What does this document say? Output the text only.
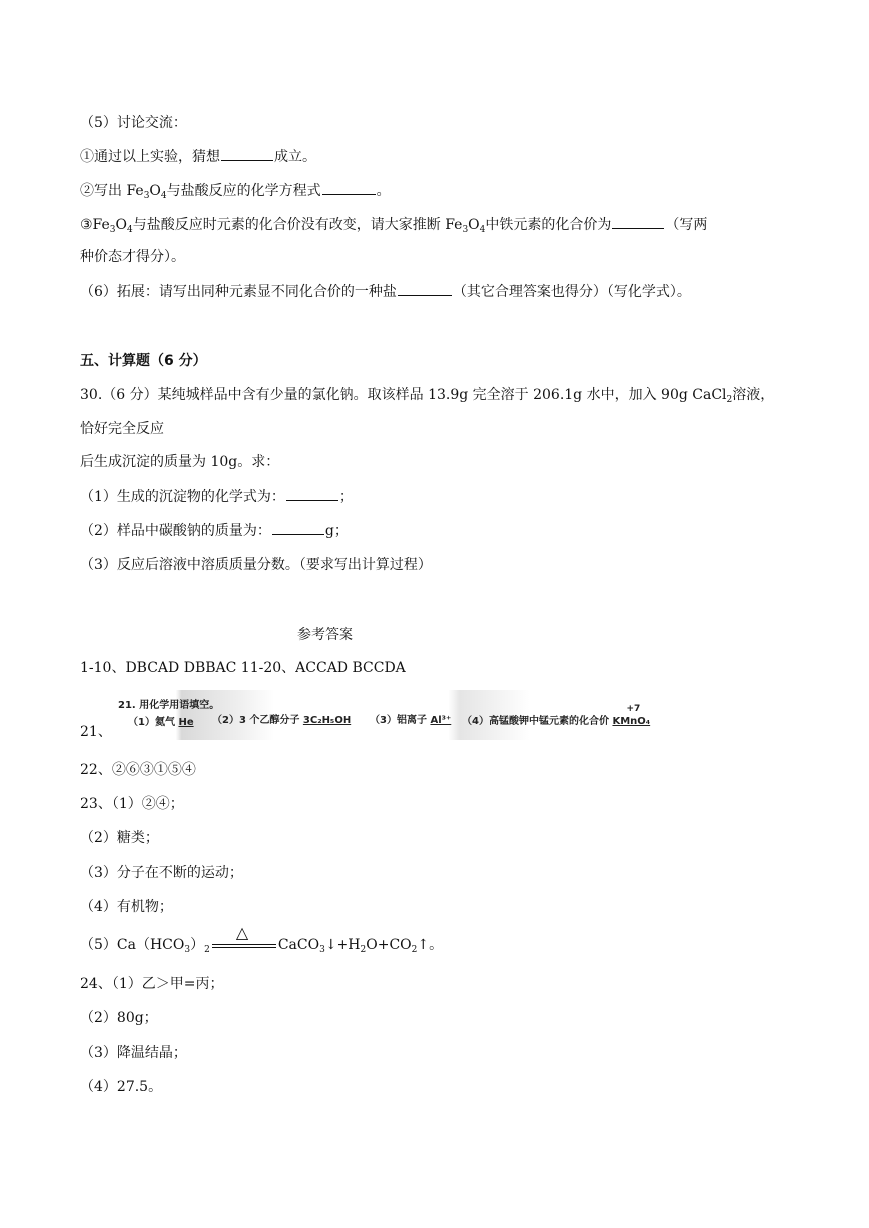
（5）讨论交流：
①通过以上实验，猜想	成立。
②写出 $Fe_3O_4$与盐酸反应的化学方程式	。
$③Fe_3O_4$与盐酸反应时元素的化合价没有改变，请大家推断 $Fe_3O_4$中铁元素的化合价为	（写两
种价态才得分）。
（6）拓展：请写出同种元素显不同化合价的一种盐	（其它合理答案也得分）（写化学式）。
五、计算题（6 分）
30.（6 分）某纯城样品中含有少量的氯化钠。取该样品 13.9g 完全溶于 206.1g 水中，加入 90g CaCl$_2$溶液，
恰好完全反应
后生成沉淀的质量为 10g。求：
（1）生成的沉淀物的化学式为：	；
（2）样品中碳酸钠的质量为：	g；
（3）反应后溶液中溶质质量分数。（要求写出计算过程）
参考答案
1-10、DBCAD DBBAC 11-20、ACCAD BCCDA
21、
21. 用化学用语填空。
（1）氦气 He （2）3 个乙醇分子 3C₂H₅OH （3）铝离子 Al³⁺ （4）高锰酸钾中锰元素的化合价
+7
KMnO₄
22、②⑥③①⑤④
23、（1）②④；
（2）糖类；
（3）分子在不断的运动；
（4）有机物；
$(5)Ca(HCO_3)_2$
△
$CaCO_3↓+H_2O+CO_2↑$。
24、（1）乙＞甲=丙；
（2）80g；
（3）降温结晶；
（4）27.5。
